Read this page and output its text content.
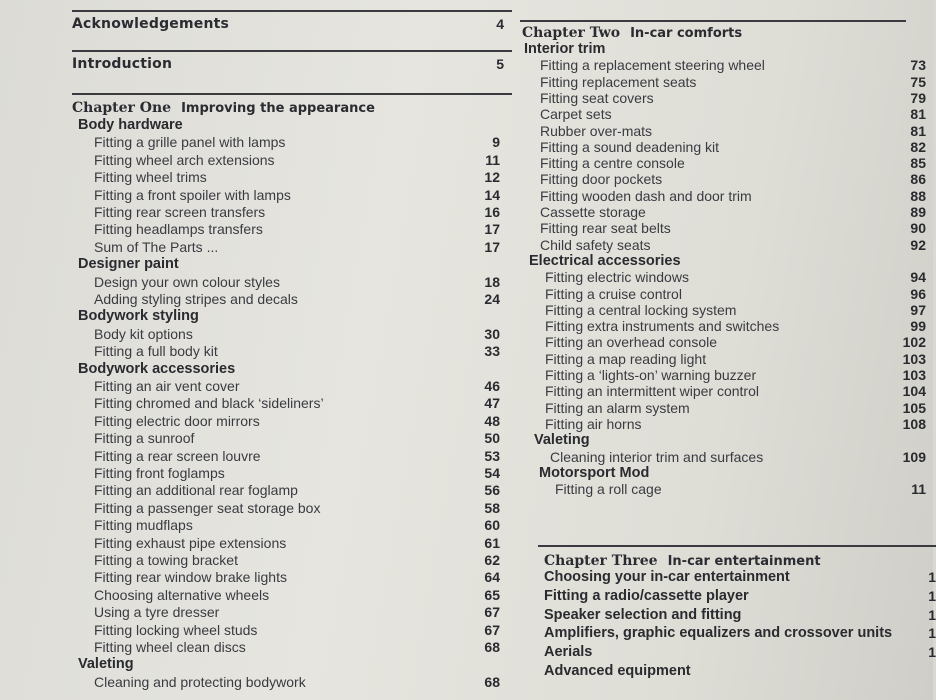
Acknowledgements	4
Introduction	5
Chapter One Improving the appearance
Body hardware
Fitting a grille panel with lamps	9
Fitting wheel arch extensions	11
Fitting wheel trims	12
Fitting a front spoiler with lamps	14
Fitting rear screen transfers	16
Fitting headlamps transfers	17
Sum of The Parts ...	17
Designer paint
Design your own colour styles	18
Adding styling stripes and decals	24
Bodywork styling
Body kit options	30
Fitting a full body kit	33
Bodywork accessories
Fitting an air vent cover	46
Fitting chromed and black ‘sideliners’	47
Fitting electric door mirrors	48
Fitting a sunroof	50
Fitting a rear screen louvre	53
Fitting front foglamps	54
Fitting an additional rear foglamp	56
Fitting a passenger seat storage box	58
Fitting mudflaps	60
Fitting exhaust pipe extensions	61
Fitting a towing bracket	62
Fitting rear window brake lights	64
Choosing alternative wheels	65
Using a tyre dresser	67
Fitting locking wheel studs	67
Fitting wheel clean discs	68
Valeting
Cleaning and protecting bodywork	68
Chapter Two In-car comforts
Interior trim
Fitting a replacement steering wheel	73
Fitting replacement seats	75
Fitting seat covers	79
Carpet sets	81
Rubber over-mats	81
Fitting a sound deadening kit	82
Fitting a centre console	85
Fitting door pockets	86
Fitting wooden dash and door trim	88
Cassette storage	89
Fitting rear seat belts	90
Child safety seats	92
Electrical accessories
Fitting electric windows	94
Fitting a cruise control	96
Fitting a central locking system	97
Fitting extra instruments and switches	99
Fitting an overhead console	102
Fitting a map reading light	103
Fitting a ‘lights-on’ warning buzzer	103
Fitting an intermittent wiper control	104
Fitting an alarm system	105
Fitting air horns	108
Valeting
Cleaning interior trim and surfaces	109
Motorsport Mod
Fitting a roll cage	11
Chapter Three In-car entertainment
Choosing your in-car entertainment	1
Fitting a radio/cassette player	1
Speaker selection and fitting	1
Amplifiers, graphic equalizers and crossover units	1
Aerials	1
Advanced equipment
